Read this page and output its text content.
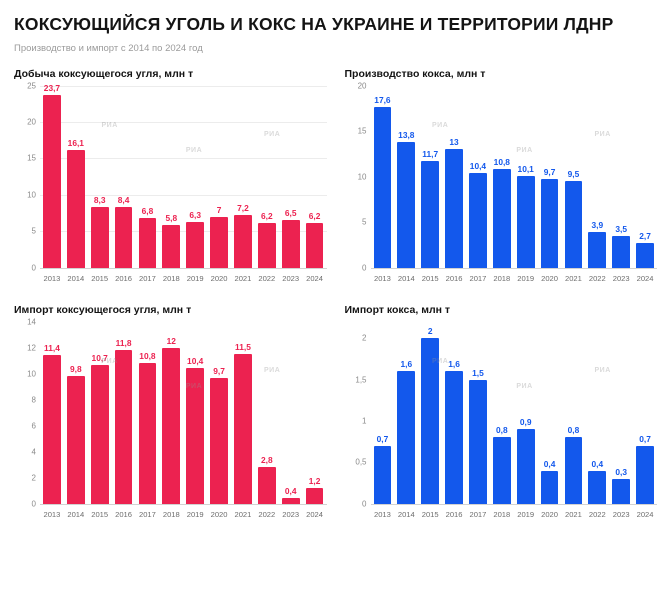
КОКСУЮЩИЙСЯ УГОЛЬ И КОКС НА УКРАИНЕ И ТЕРРИТОРИИ ЛДНР
Производство и импорт с 2014 по 2024 год
Добыча коксующегося угля, млн т
0
5
10
15
20
25 23,7
16,1
8,3 8,4
6,8
5,8 6,3
7 7,2
6,2 6,5 6,2
2013 2014 2015 2016 2017 2018 2019 2020 2021 2022 2023 2024
РИА
РИА
РИА
Производство кокса, млн т
0
5
10
15
20
17,6
13,8
11,7
13
10,4 10,8
10,1 9,7 9,5
3,9 3,5
2,7
2013 2014 2015 2016 2017 2018 2019 2020 2021 2022 2023 2024
РИА
РИА
РИА
Импорт коксующегося угля, млн т
0
2
4
6
8
10
12
14
11,4
9,8
10,7
11,8
10,8
12
10,4
9,7
11,5
2,8
0,4
1,2
2013 2014 2015 2016 2017 2018 2019 2020 2021 2022 2023 2024
РИА
РИА
РИА
Импорт кокса, млн т
0
0,5
1
1,5
2
0,7
1,6
2
1,6
1,5
0,8
0,9
0,4
0,8
0,4
0,3
0,7
2013 2014 2015 2016 2017 2018 2019 2020 2021 2022 2023 2024
РИА
РИА
РИА
